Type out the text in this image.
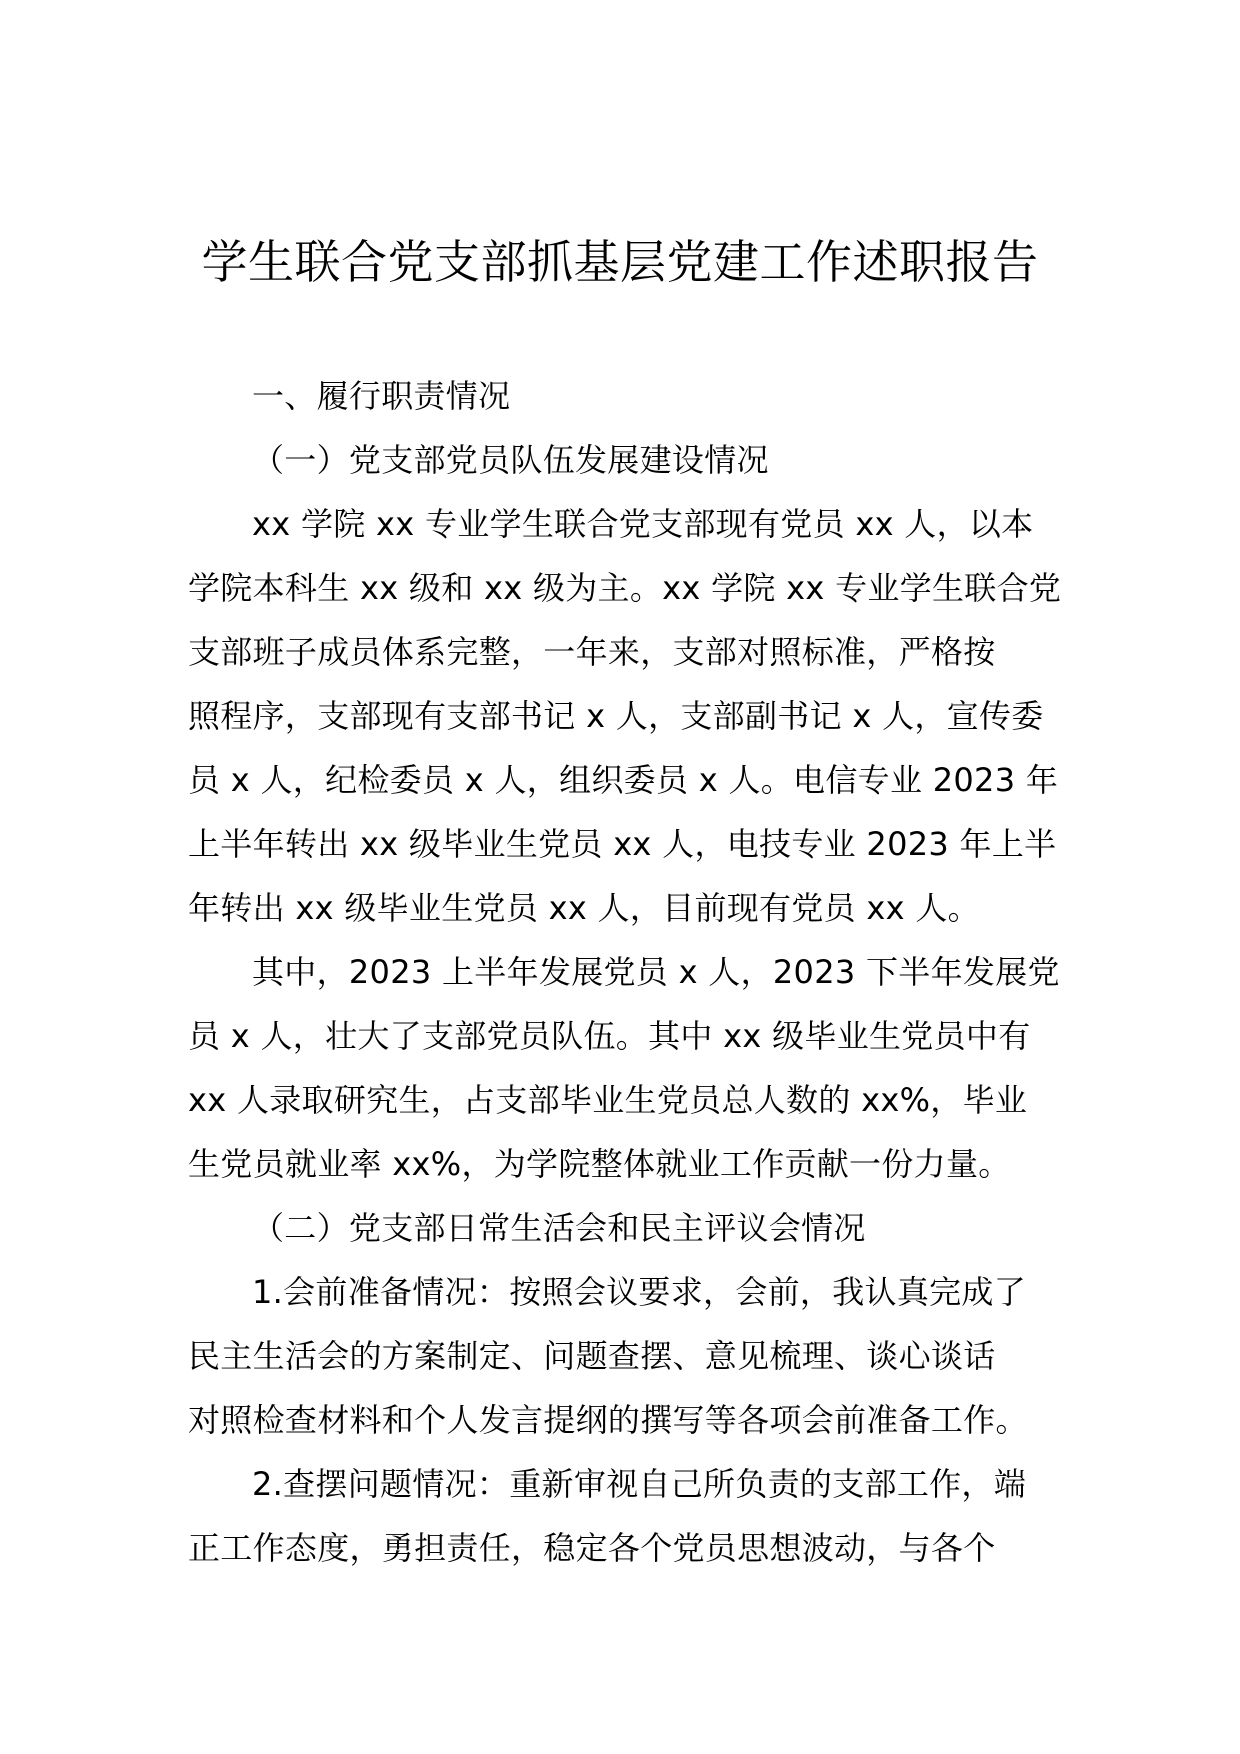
学生联合党支部抓基层党建工作述职报告

一、履行职责情况

（一）党支部党员队伍发展建设情况

xx 学院 xx 专业学生联合党支部现有党员 xx 人，以本

学院本科生 xx 级和 xx 级为主。xx 学院 xx 专业学生联合党

支部班子成员体系完整，一年来，支部对照标准，严格按

照程序，支部现有支部书记 x 人，支部副书记 x 人，宣传委

员 x 人，纪检委员 x 人，组织委员 x 人。电信专业 2023 年

上半年转出 xx 级毕业生党员 xx 人，电技专业 2023 年上半

年转出 xx 级毕业生党员 xx 人，目前现有党员 xx 人。

其中，2023 上半年发展党员 x 人，2023 下半年发展党

员 x 人，壮大了支部党员队伍。其中 xx 级毕业生党员中有

xx 人录取研究生，占支部毕业生党员总人数的 xx%，毕业

生党员就业率 xx%，为学院整体就业工作贡献一份力量。

（二）党支部日常生活会和民主评议会情况

1.会前准备情况：按照会议要求，会前，我认真完成了

民主生活会的方案制定、问题查摆、意见梳理、谈心谈话

对照检查材料和个人发言提纲的撰写等各项会前准备工作。

2.查摆问题情况：重新审视自己所负责的支部工作，端

正工作态度，勇担责任，稳定各个党员思想波动，与各个
